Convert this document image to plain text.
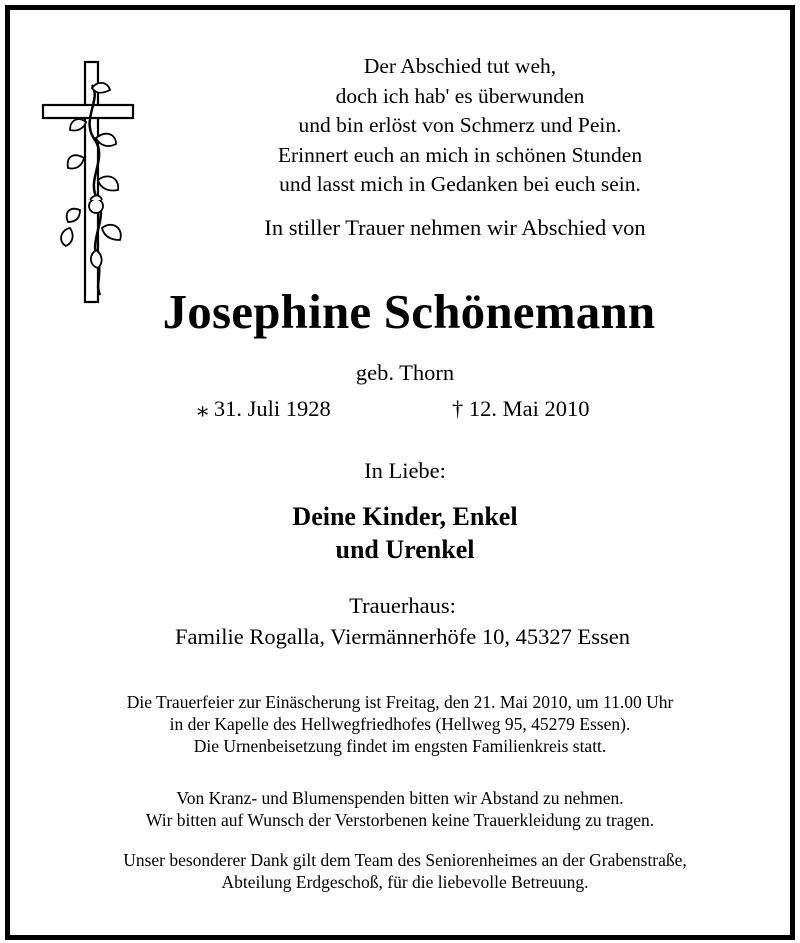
Der Abschied tut weh,
doch ich hab' es überwunden
und bin erlöst von Schmerz und Pein.
Erinnert euch an mich in schönen Stunden
und lasst mich in Gedanken bei euch sein.
In stiller Trauer nehmen wir Abschied von
Josephine Schönemann
geb. Thorn
⁎ 31. Juli 1928	† 12. Mai 2010
In Liebe:
Deine Kinder, Enkel
und Urenkel
Trauerhaus:
Familie Rogalla, Viermännerhöfe 10, 45327 Essen
Die Trauerfeier zur Einäscherung ist Freitag, den 21. Mai 2010, um 11.00 Uhr
in der Kapelle des Hellwegfriedhofes (Hellweg 95, 45279 Essen).
Die Urnenbeisetzung findet im engsten Familienkreis statt.
Von Kranz- und Blumenspenden bitten wir Abstand zu nehmen.
Wir bitten auf Wunsch der Verstorbenen keine Trauerkleidung zu tragen.
Unser besonderer Dank gilt dem Team des Seniorenheimes an der Grabenstraße,
Abteilung Erdgeschoß, für die liebevolle Betreuung.
